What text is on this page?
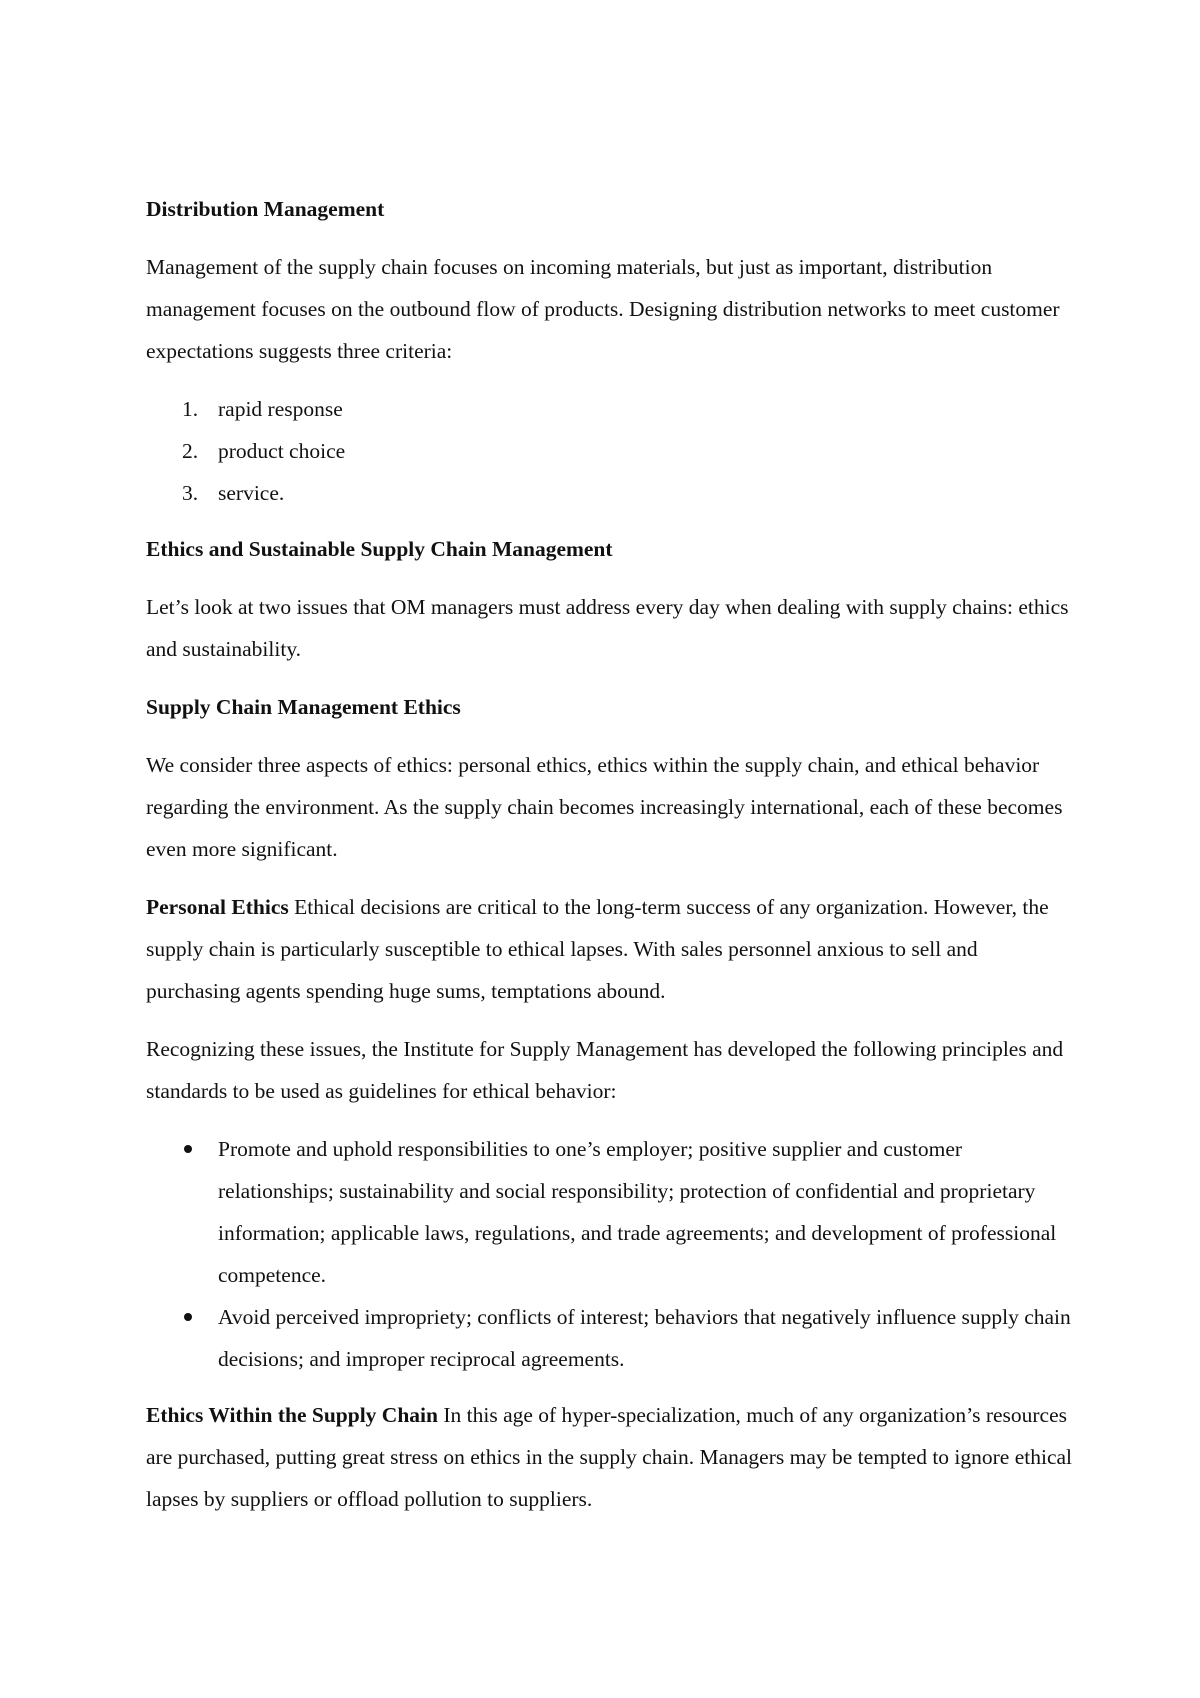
Distribution Management

Management of the supply chain focuses on incoming materials, but just as important, distribution management focuses on the outbound flow of products. Designing distribution networks to meet customer expectations suggests three criteria:

1. rapid response
2. product choice
3. service.
Ethics and Sustainable Supply Chain Management

Let’s look at two issues that OM managers must address every day when dealing with supply chains: ethics and sustainability.

Supply Chain Management Ethics

We consider three aspects of ethics: personal ethics, ethics within the supply chain, and ethical behavior regarding the environment. As the supply chain becomes increasingly international, each of these becomes even more significant.

Personal Ethics Ethical decisions are critical to the long-term success of any organization. However, the supply chain is particularly susceptible to ethical lapses. With sales personnel anxious to sell and purchasing agents spending huge sums, temptations abound.

Recognizing these issues, the Institute for Supply Management has developed the following principles and standards to be used as guidelines for ethical behavior:

Promote and uphold responsibilities to one’s employer; positive supplier and customer relationships; sustainability and social responsibility; protection of confidential and proprietary information; applicable laws, regulations, and trade agreements; and development of professional competence.
Avoid perceived impropriety; conflicts of interest; behaviors that negatively influence supply chain decisions; and improper reciprocal agreements.

Ethics Within the Supply Chain In this age of hyper-specialization, much of any organization’s resources are purchased, putting great stress on ethics in the supply chain. Managers may be tempted to ignore ethical lapses by suppliers or offload pollution to suppliers.
